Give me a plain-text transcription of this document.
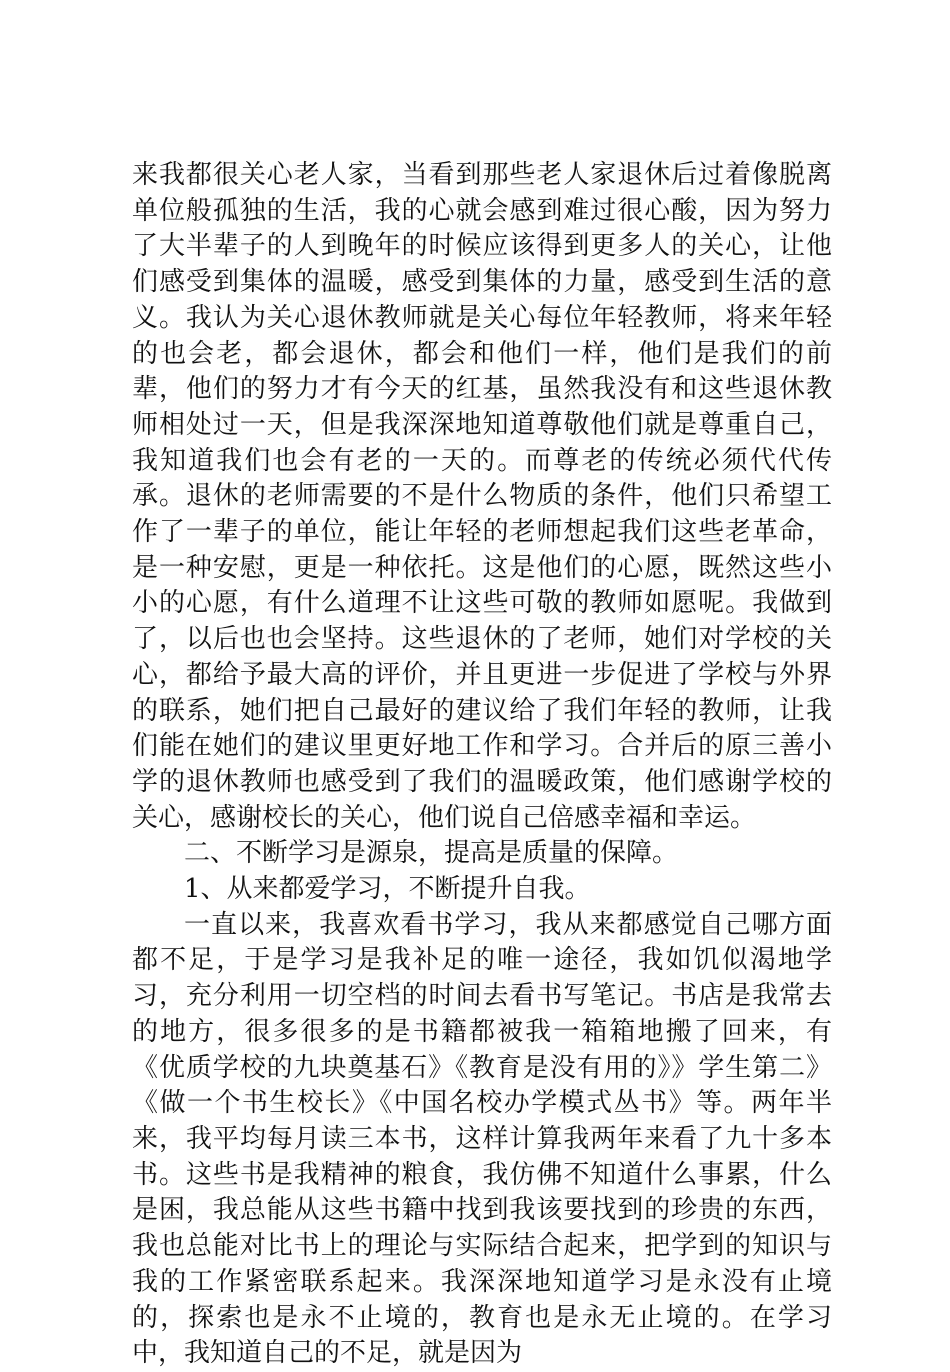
来我都很关心老人家，当看到那些老人家退休后过着像脱离单位般孤独的生活，我的心就会感到难过很心酸，因为努力了大半辈子的人到晚年的时候应该得到更多人的关心，让他们感受到集体的温暖，感受到集体的力量，感受到生活的意义。我认为关心退休教师就是关心每位年轻教师，将来年轻的也会老，都会退休，都会和他们一样，他们是我们的前辈，他们的努力才有今天的红基，虽然我没有和这些退休教师相处过一天，但是我深深地知道尊敬他们就是尊重自己，我知道我们也会有老的一天的。而尊老的传统必须代代传承。退休的老师需要的不是什么物质的条件，他们只希望工作了一辈子的单位，能让年轻的老师想起我们这些老革命，是一种安慰，更是一种依托。这是他们的心愿，既然这些小小的心愿，有什么道理不让这些可敬的教师如愿呢。我做到了，以后也也会坚持。这些退休的了老师，她们对学校的关心，都给予最大高的评价，并且更进一步促进了学校与外界的联系，她们把自己最好的建议给了我们年轻的教师，让我们能在她们的建议里更好地工作和学习。合并后的原三善小学的退休教师也感受到了我们的温暖政策，他们感谢学校的关心，感谢校长的关心，他们说自己倍感幸福和幸运。

二、不断学习是源泉，提高是质量的保障。

1、从来都爱学习，不断提升自我。

一直以来，我喜欢看书学习，我从来都感觉自己哪方面都不足，于是学习是我补足的唯一途径，我如饥似渴地学习，充分利用一切空档的时间去看书写笔记。书店是我常去的地方，很多很多的是书籍都被我一箱箱地搬了回来，有《优质学校的九块奠基石》《教育是没有用的》》学生第二》《做一个书生校长》《中国名校办学模式丛书》等。两年半来，我平均每月读三本书，这样计算我两年来看了九十多本书。这些书是我精神的粮食，我仿佛不知道什么事累，什么是困，我总能从这些书籍中找到我该要找到的珍贵的东西，我也总能对比书上的理论与实际结合起来，把学到的知识与我的工作紧密联系起来。我深深地知道学习是永没有止境的，探索也是永不止境的，教育也是永无止境的。在学习中，我知道自己的不足，就是因为
